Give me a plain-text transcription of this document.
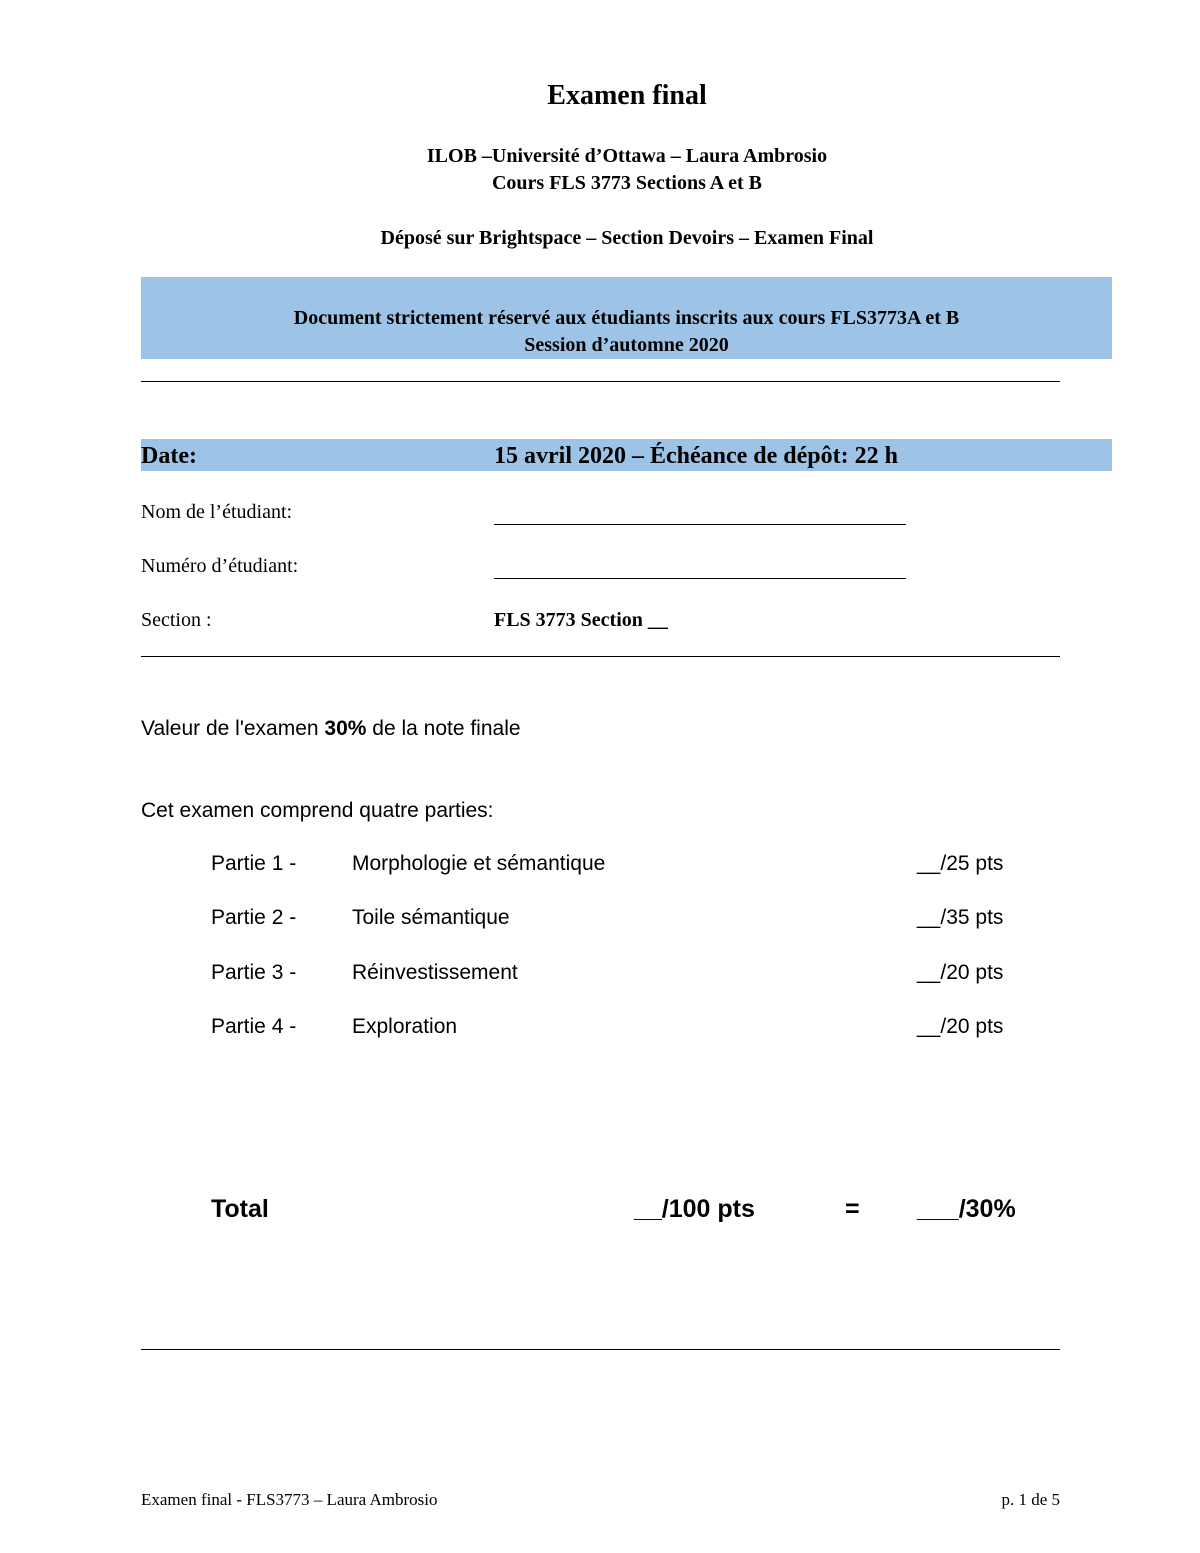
Examen final
ILOB –Université d’Ottawa – Laura Ambrosio
Cours FLS 3773 Sections A et B
Déposé sur Brightspace – Section Devoirs – Examen Final
Document strictement réservé aux étudiants inscrits aux cours FLS3773A et B
Session d’automne 2020
Date:	15 avril 2020 – Échéance de dépôt: 22 h
Nom de l’étudiant:
Numéro d’étudiant:
Section :	FLS 3773 Section __
Valeur de l'examen 30% de la note finale
Cet examen comprend quatre parties:
Partie 1 -	Morphologie et sémantique	__/25 pts
Partie 2 -	Toile sémantique	__/35 pts
Partie 3 -	Réinvestissement	__/20 pts
Partie 4 -	Exploration	__/20 pts
Total	__/100 pts	= ___/30%
Examen final - FLS3773 – Laura Ambrosio	p. 1 de 5
